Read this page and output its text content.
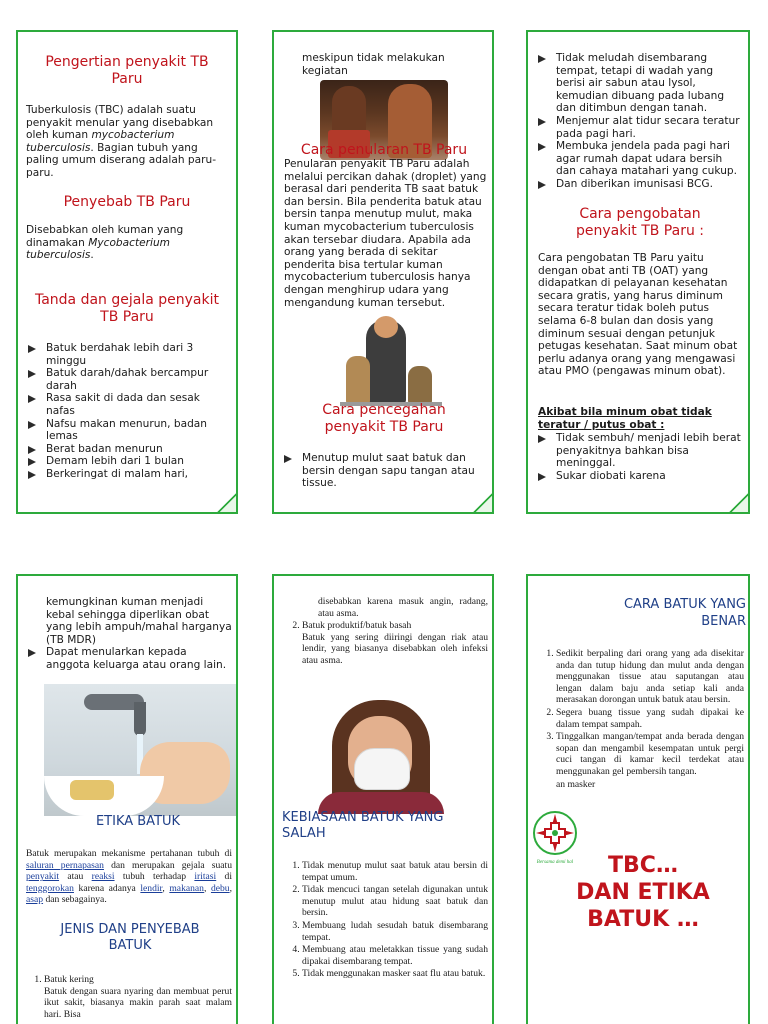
Pengertian penyakit TB Paru

Tuberkulosis (TBC) adalah suatu penyakit menular yang disebabkan oleh kuman mycobacterium tuberculosis. Bagian tubuh yang paling umum diserang adalah paru-paru.

Penyebab TB Paru

Disebabkan oleh kuman yang dinamakan Mycobacterium tuberculosis.

Tanda dan gejala penyakit TB Paru
Batuk berdahak lebih dari 3 minggu
Batuk darah/dahak bercampur darah
Rasa sakit di dada dan sesak nafas
Nafsu makan menurun, badan lemas
Berat badan menurun
Demam lebih dari 1 bulan
Berkeringat di malam hari,

meskipun tidak melakukan kegiatan

Cara penularan TB Paru

Penularan penyakit TB Paru adalah melalui percikan dahak (droplet) yang berasal dari penderita TB saat batuk dan bersin. Bila penderita batuk atau bersin tanpa menutup mulut, maka kuman mycobacterium tuberculosis akan tersebar diudara. Apabila ada orang yang berada di sekitar penderita bisa tertular kuman mycobacterium tuberculosis hanya dengan menghirup udara yang mengandung kuman tersebut.

Cara pencegahan penyakit TB Paru
Menutup mulut saat batuk dan bersin dengan sapu tangan atau tissue.
Tidak meludah disembarang tempat, tetapi di wadah yang berisi air sabun atau lysol, kemudian dibuang pada lubang dan ditimbun dengan tanah.
Menjemur alat tidur secara teratur pada pagi hari.
Membuka jendela pada pagi hari agar rumah dapat udara bersih dan cahaya matahari yang cukup.
Dan diberikan imunisasi BCG.
Cara pengobatan penyakit TB Paru :

Cara pengobatan TB Paru yaitu dengan obat anti TB (OAT) yang didapatkan di pelayanan kesehatan secara gratis, yang harus diminum secara teratur tidak boleh putus selama 6-8 bulan dan dosis yang diminum sesuai dengan petunjuk petugas kesehatan. Saat minum obat perlu adanya orang yang mengawasi atau PMO (pengawas minum obat).

Akibat bila minum obat tidak teratur / putus obat :

Tidak sembuh/ menjadi lebih berat penyakitnya bahkan bisa meninggal.
Sukar diobati karena
kemungkinan kuman menjadi kebal sehingga diperlikan obat yang lebih ampuh/mahal harganya (TB MDR)
Dapat menularkan kepada anggota keluarga atau orang lain.
ETIKA BATUK

Batuk merupakan mekanisme pertahanan tubuh di saluran pernapasan dan merupakan gejala suatu penyakit atau reaksi tubuh terhadap iritasi di tenggorokan karena adanya lendir, makanan, debu, asap dan sebagainya.

JENIS DAN PENYEBAB BATUK
1. Batuk kering
Batuk dengan suara nyaring dan membuat perut ikut sakit, biasanya makin parah saat malam hari. Bisa

disebabkan karena masuk angin, radang, atau asma.

2. Batuk produktif/batuk basah
Batuk yang sering diiringi dengan riak atau lendir, yang biasanya disebabkan oleh infeksi atau asma.
KEBIASAAN BATUK YANG SALAH
1. Tidak menutup mulut saat batuk atau bersin di tempat umum.
2. Tidak mencuci tangan setelah digunakan untuk menutup mulut atau hidung saat batuk dan bersin.
3. Membuang ludah sesudah batuk disembarang tempat.
4. Membuang atau meletakkan tissue yang sudah dipakai disembarang tempat.
5. Tidak menggunakan masker saat flu atau batuk.
CARA BATUK YANG BENAR
1. Sedikit berpaling dari orang yang ada disekitar anda dan tutup hidung dan mulut anda dengan menggunakan tissue atau saputangan atau lengan dalam baju anda setiap kali anda merasakan dorongan untuk batuk atau bersin.
2. Segera buang tissue yang sudah dipakai ke dalam tempat sampah.
3. Tinggalkan mangan/tempat anda berada dengan sopan dan mengambil kesempatan untuk pergi cuci tangan di kamar kecil terdekat atau menggunakan gel pembersih tangan.
an masker
Bersama demi hal	TBC…
DAN ETIKA
BATUK …
